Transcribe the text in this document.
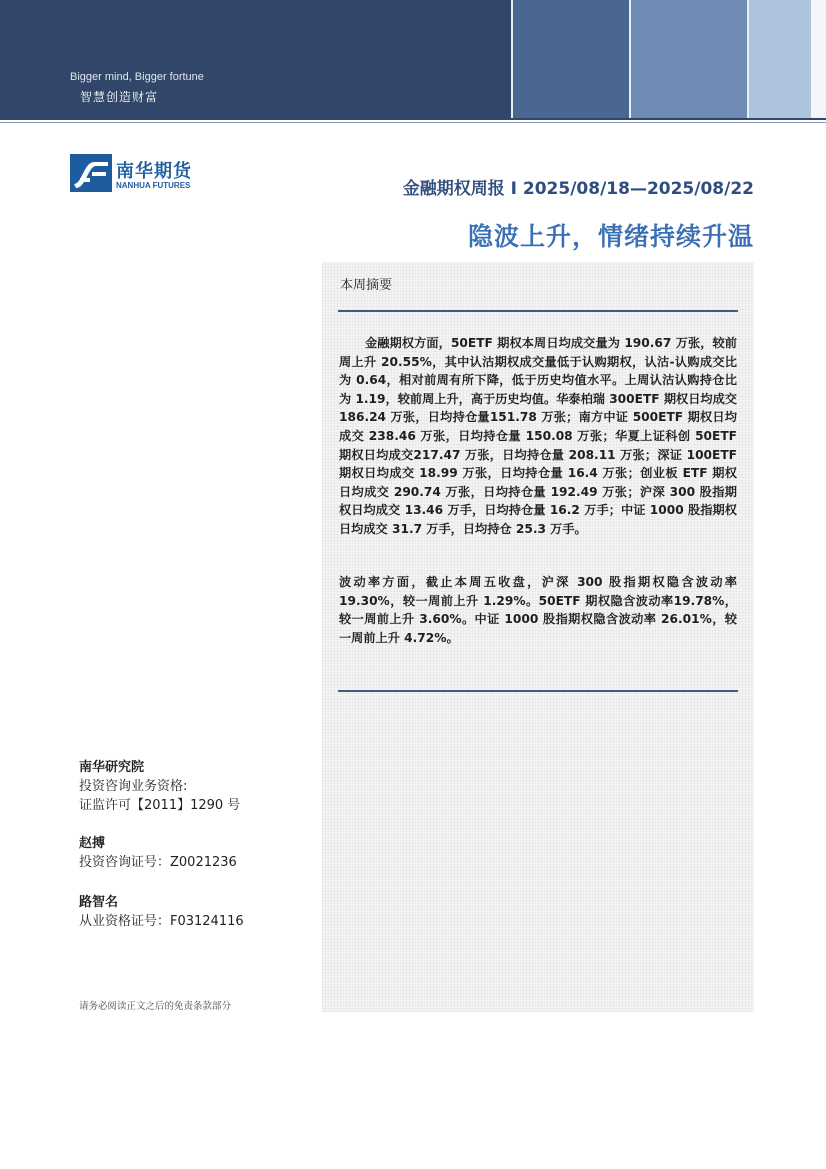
Bigger mind, Bigger fortune
智慧创造财富
南华期货
NANHUA FUTURES	金融期权周报 I 2025/08/18—2025/08/22
隐波上升，情绪持续升温
本周摘要

金融期权方面，50ETF 期权本周日均成交量为 190.67 万张，较前周上升 20.55%，其中认沽期权成交量低于认购期权，认沽-认购成交比为 0.64，相对前周有所下降，低于历史均值水平。上周认沽认购持仓比为 1.19，较前周上升，高于历史均值。华泰柏瑞 300ETF 期权日均成交 186.24 万张，日均持仓量151.78 万张；南方中证 500ETF 期权日均成交 238.46 万张，日均持仓量 150.08 万张；华夏上证科创 50ETF 期权日均成交217.47 万张，日均持仓量 208.11 万张；深证 100ETF 期权日均成交 18.99 万张，日均持仓量 16.4 万张；创业板 ETF 期权日均成交 290.74 万张，日均持仓量 192.49 万张；沪深 300 股指期权日均成交 13.46 万手，日均持仓量 16.2 万手；中证 1000 股指期权日均成交 31.7 万手，日均持仓 25.3 万手。

波动率方面，截止本周五收盘，沪深 300 股指期权隐含波动率 19.30%，较一周前上升 1.29%。50ETF 期权隐含波动率19.78%，较一周前上升 3.60%。中证 1000 股指期权隐含波动率 26.01%，较一周前上升 4.72%。

南华研究院
投资咨询业务资格:
证监许可【2011】1290 号
赵搏
投资咨询证号：Z0021236
路智名
从业资格证号：F03124116
请务必阅读正文之后的免责条款部分
